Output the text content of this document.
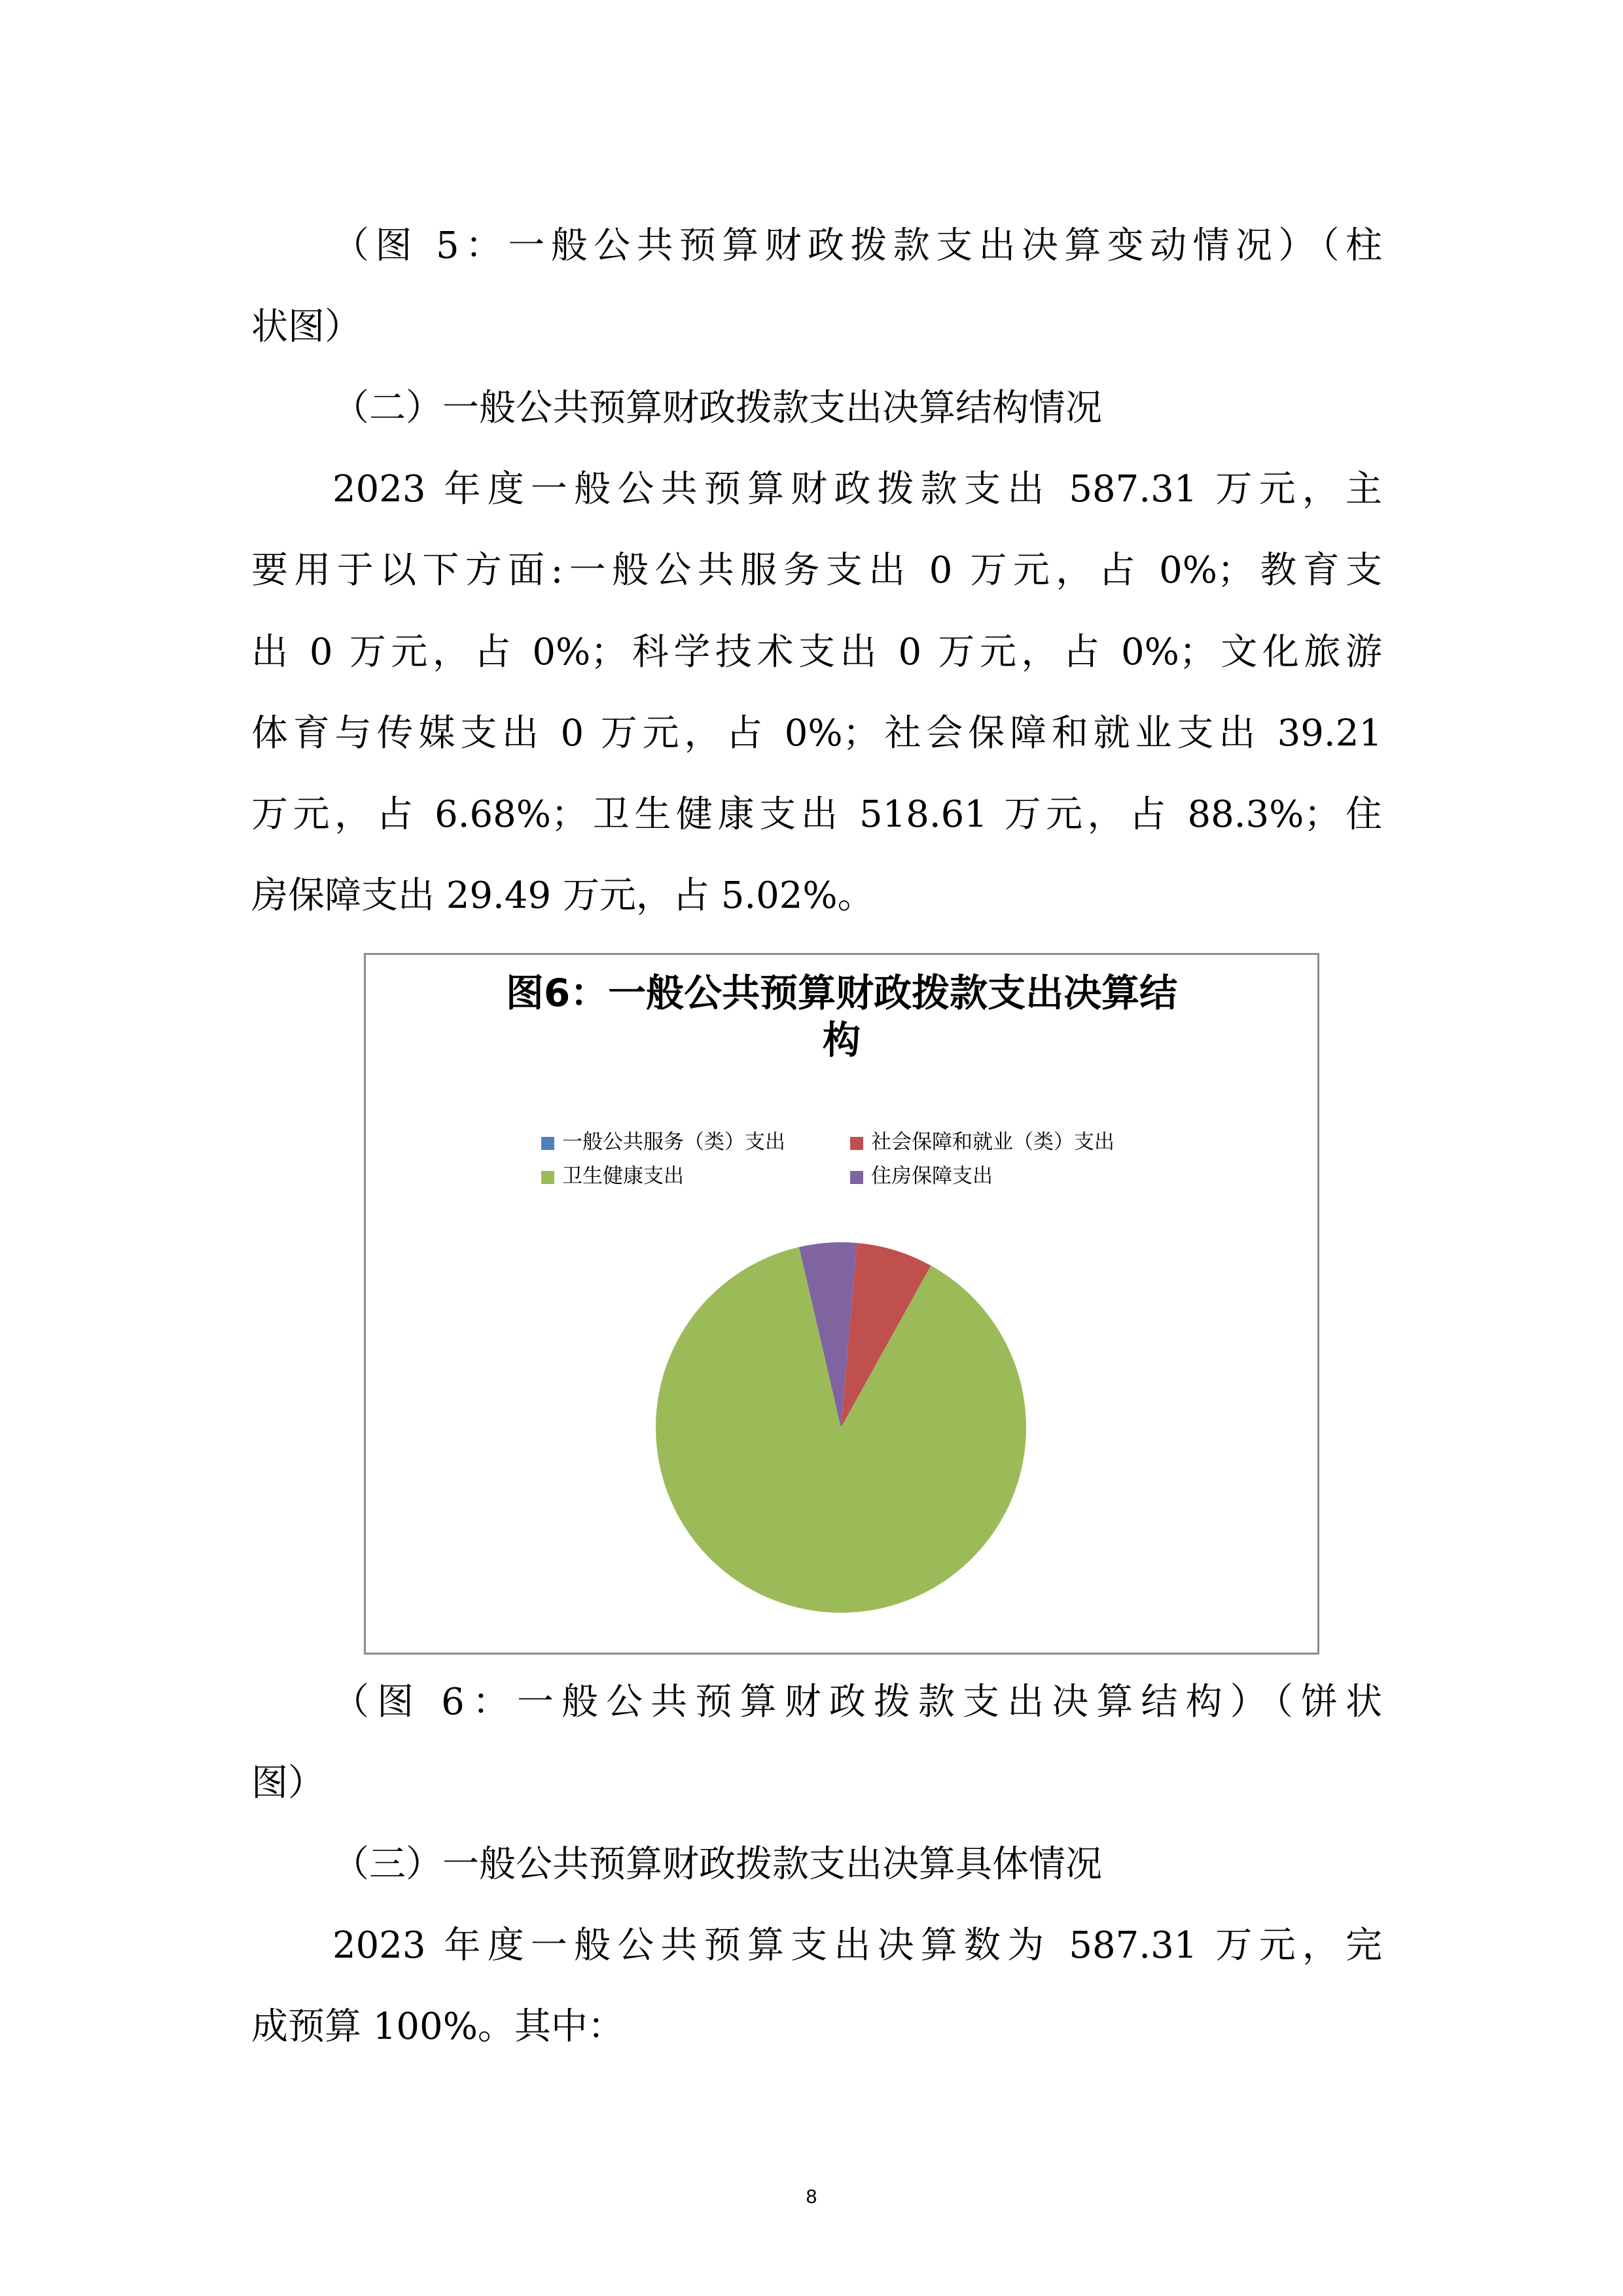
（图 5：一般公共预算财政拨款支出决算变动情况）（柱
状图）
（二）一般公共预算财政拨款支出决算结构情况
2023 年度一般公共预算财政拨款支出 587.31 万元，主
要用于以下方面:一般公共服务支出 0 万元，占 0%；教育支
出 0 万元，占 0%；科学技术支出 0 万元，占 0%；文化旅游
体育与传媒支出 0 万元，占 0%；社会保障和就业支出 39.21
万元，占 6.68%；卫生健康支出 518.61 万元，占 88.3%；住
房保障支出 29.49 万元，占 5.02%。
图6：一般公共预算财政拨款支出决算结
构
一般公共服务（类）支出	社会保障和就业（类）支出
卫生健康支出	住房保障支出
（图 6：一般公共预算财政拨款支出决算结构）（饼状
图）
（三）一般公共预算财政拨款支出决算具体情况
2023 年度一般公共预算支出决算数为 587.31 万元，完
成预算 100%。其中：
8
